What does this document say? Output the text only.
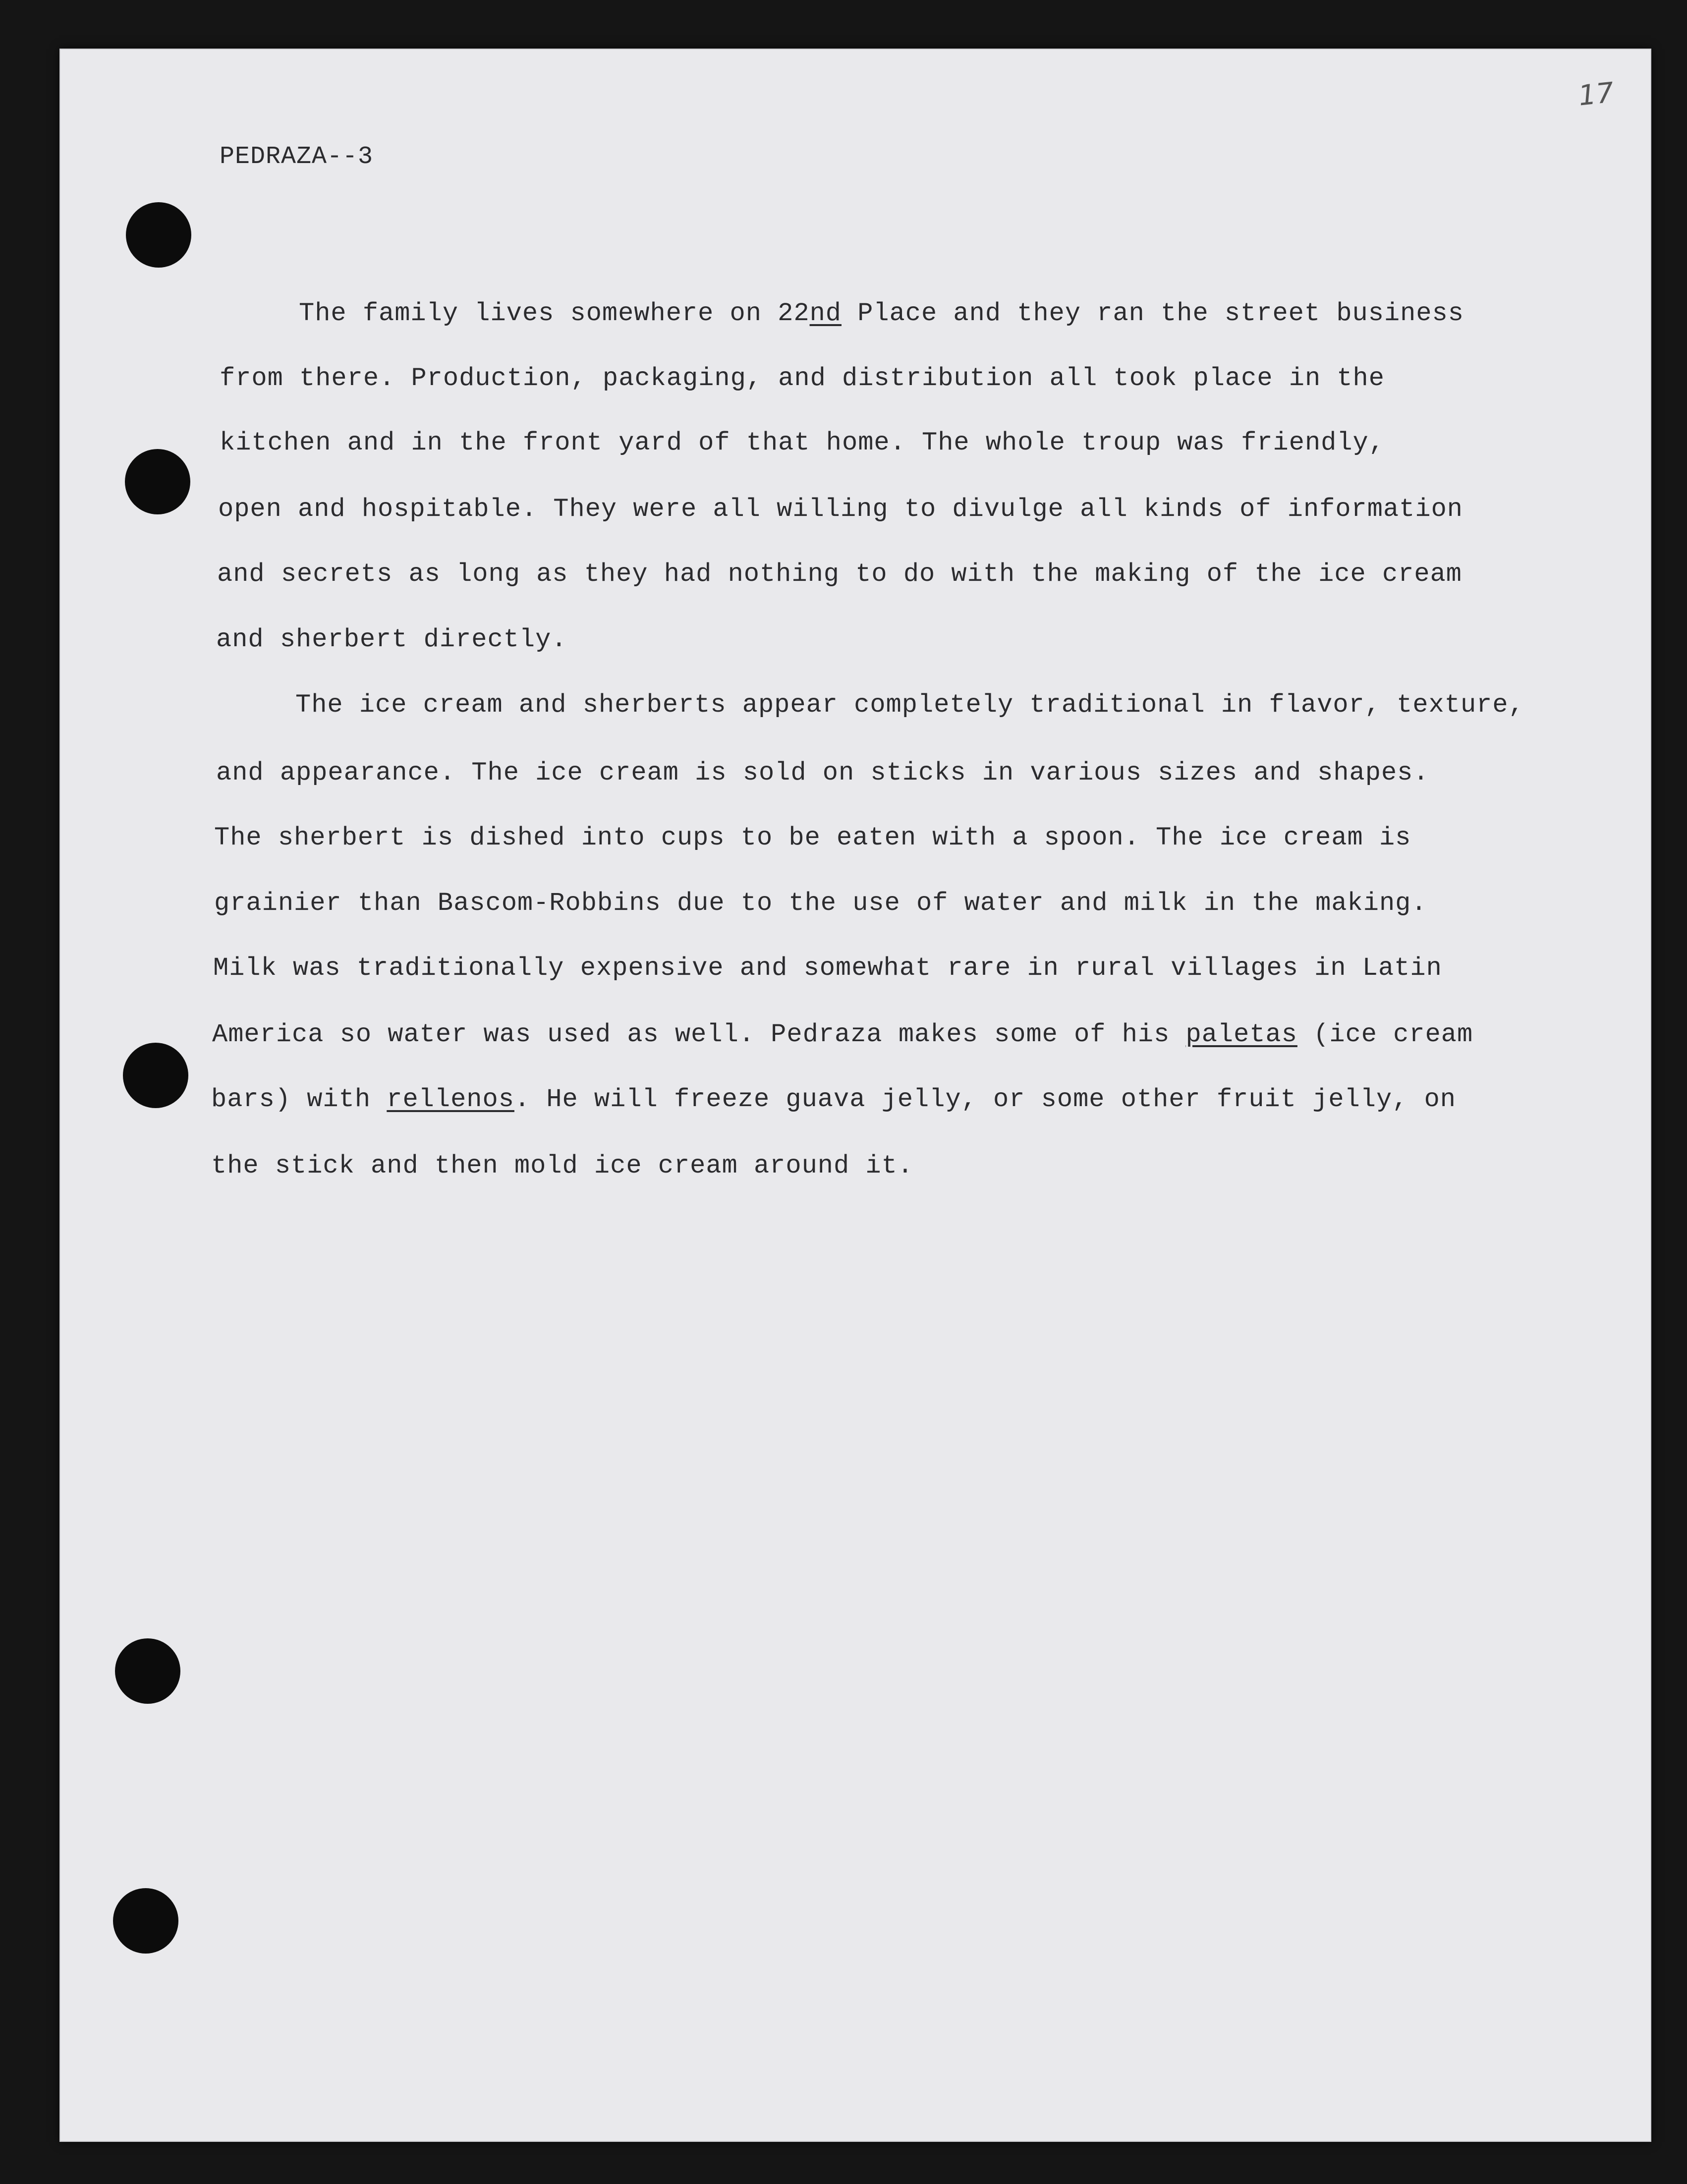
17
PEDRAZA--3
The family lives somewhere on 22nd Place and they ran the street business
from there. Production, packaging, and distribution all took place in the
kitchen and in the front yard of that home. The whole troup was friendly,
open and hospitable. They were all willing to divulge all kinds of information
and secrets as long as they had nothing to do with the making of the ice cream
and sherbert directly.
The ice cream and sherberts appear completely traditional in flavor, texture,
and appearance. The ice cream is sold on sticks in various sizes and shapes.
The sherbert is dished into cups to be eaten with a spoon. The ice cream is
grainier than Bascom-Robbins due to the use of water and milk in the making.
Milk was traditionally expensive and somewhat rare in rural villages in Latin
America so water was used as well. Pedraza makes some of his paletas (ice cream
bars) with rellenos. He will freeze guava jelly, or some other fruit jelly, on
the stick and then mold ice cream around it.
